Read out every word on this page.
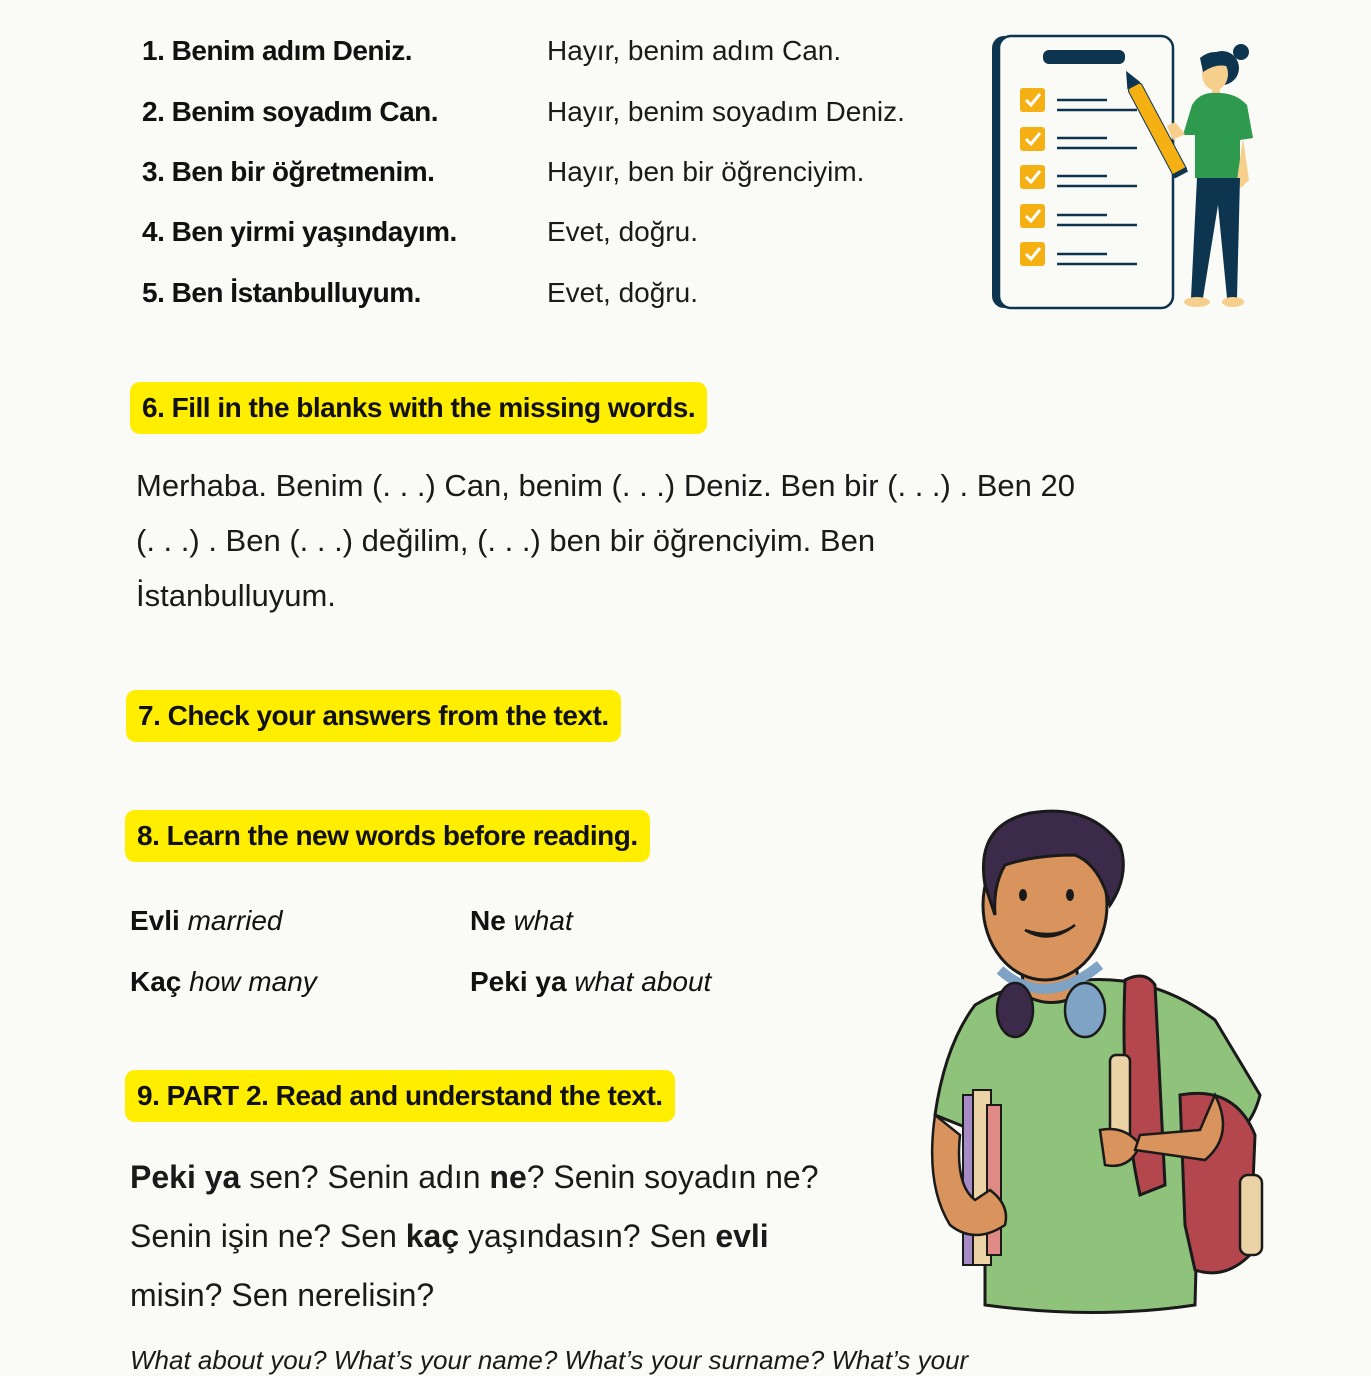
1. Benim adım Deniz.	Hayır, benim adım Can.
2. Benim soyadım Can.	Hayır, benim soyadım Deniz.
3. Ben bir öğretmenim.	Hayır, ben bir öğrenciyim.
4. Ben yirmi yaşındayım.	Evet, doğru.
5. Ben İstanbulluyum.	Evet, doğru.
6. Fill in the blanks with the missing words.
Merhaba. Benim (. . .) Can, benim (. . .) Deniz. Ben bir (. . .) . Ben 20
(. . .) . Ben (. . .) değilim, (. . .) ben bir öğrenciyim. Ben
İstanbulluyum.
7. Check your answers from the text.
8. Learn the new words before reading.
Evli married	Ne what
Kaç how many	Peki ya what about
9. PART 2. Read and understand the text.
Peki ya sen? Senin adın ne? Senin soyadın ne?
Senin işin ne? Sen kaç yaşındasın? Sen evli
misin? Sen nerelisin?
What about you? What’s your name? What’s your surname? What’s your
